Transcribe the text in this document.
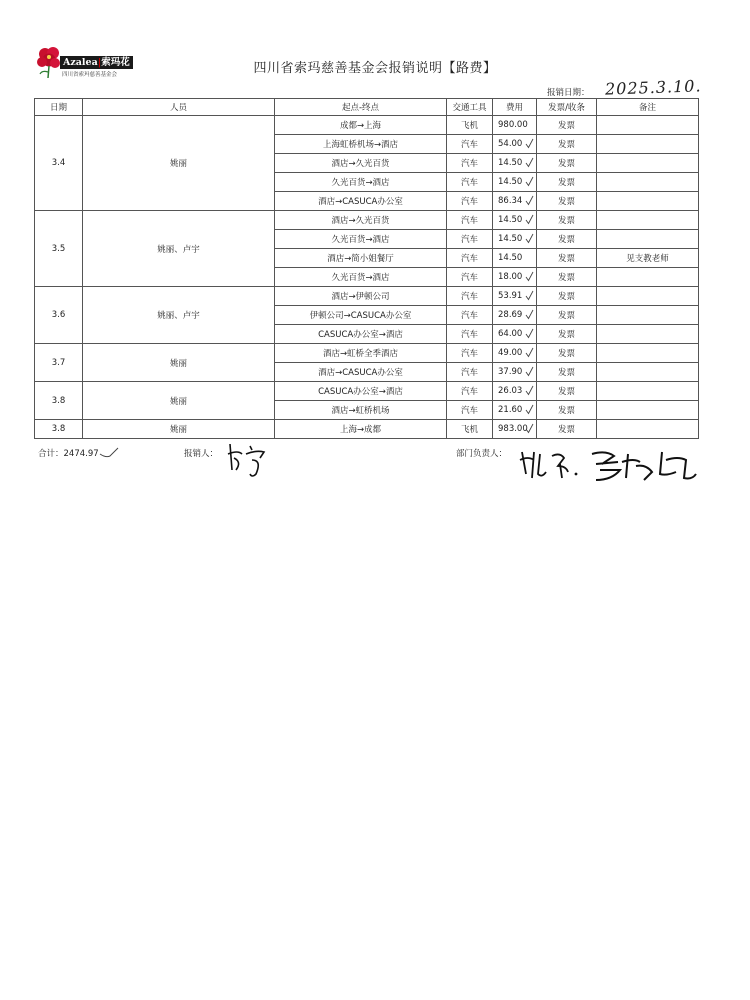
Azalea|索玛花
四川省索玛慈善基金会	四川省索玛慈善基金会报销说明【路费】
报销日期： 2025.3.10.
日期	人员	起点-终点	交通工具	费用	发票/收条	备注
3.4	姚丽	成都→上海	飞机	980.00	发票	
		上海虹桥机场→酒店	汽车	54.00	发票	
		酒店→久光百货	汽车	14.50	发票	
		久光百货→酒店	汽车	14.50	发票	
		酒店→CASUCA办公室	汽车	86.34	发票	
3.5	姚丽、卢宇	酒店→久光百货	汽车	14.50	发票	
		久光百货→酒店	汽车	14.50	发票	
		酒店→简小姐餐厅	汽车	14.50	发票	见支教老师
		久光百货→酒店	汽车	18.00	发票	
3.6	姚丽、卢宇	酒店→伊顿公司	汽车	53.91	发票	
		伊顿公司→CASUCA办公室	汽车	28.69	发票	
		CASUCA办公室→酒店	汽车	64.00	发票	
3.7	姚丽	酒店→虹桥全季酒店	汽车	49.00	发票	
		酒店→CASUCA办公室	汽车	37.90	发票	
3.8	姚丽	CASUCA办公室→酒店	汽车	26.03	发票	
		酒店→虹桥机场	汽车	21.60	发票	
3.8	姚丽	上海→成都	飞机	983.00	发票	
合计：2474.97	报销人：	部门负责人：
